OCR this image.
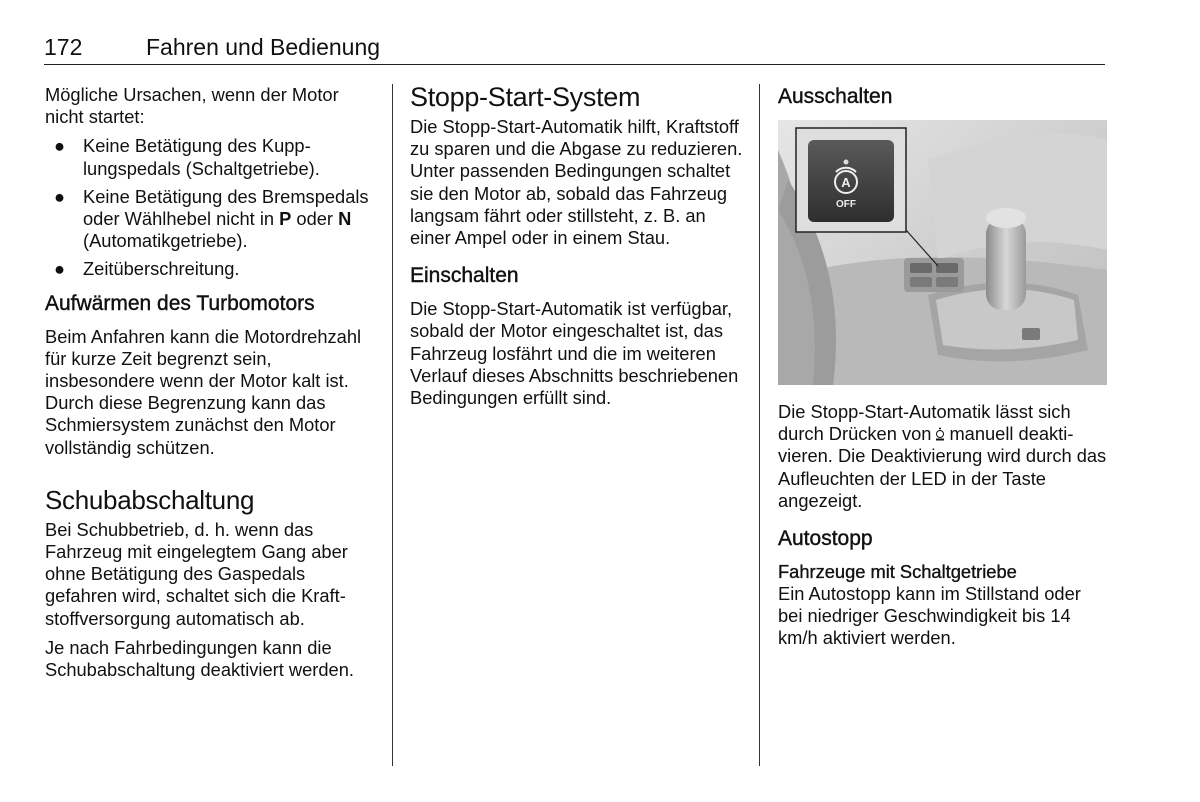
172	Fahren und Bedienung

Mögliche Ursachen, wenn der Motor nicht startet:

● Keine Betätigung des Kupplungspedals (Schaltgetriebe).
● Keine Betätigung des Bremspedals oder Wählhebel nicht in P oder N (Automatikgetriebe).
● Zeitüberschreitung.
Aufwärmen des Turbomotors

Beim Anfahren kann die Motordrehzahl für kurze Zeit begrenzt sein, insbesondere wenn der Motor kalt ist. Durch diese Begrenzung kann das Schmiersystem zunächst den Motor vollständig schützen.

Schubabschaltung

Bei Schubbetrieb, d. h. wenn das Fahrzeug mit eingelegtem Gang aber ohne Betätigung des Gaspedals gefahren wird, schaltet sich die Kraftstoffversorgung automatisch ab.

Je nach Fahrbedingungen kann die Schubabschaltung deaktiviert werden.

Stopp-Start-System

Die Stopp-Start-Automatik hilft, Kraftstoff zu sparen und die Abgase zu reduzieren. Unter passenden Bedingungen schaltet sie den Motor ab, sobald das Fahrzeug langsam fährt oder stillsteht, z. B. an einer Ampel oder in einem Stau.

Einschalten

Die Stopp-Start-Automatik ist verfügbar, sobald der Motor eingeschaltet ist, das Fahrzeug losfährt und die im weiteren Verlauf dieses Abschnitts beschriebenen Bedingungen erfüllt sind.

Ausschalten
A
OFF

Die Stopp-Start-Automatik lässt sich durch Drücken von manuell deaktivieren. Die Deaktivierung wird durch das Aufleuchten der LED in der Taste angezeigt.

Autostopp
Fahrzeuge mit Schaltgetriebe

Ein Autostopp kann im Stillstand oder bei niedriger Geschwindigkeit bis 14 km/h aktiviert werden.
